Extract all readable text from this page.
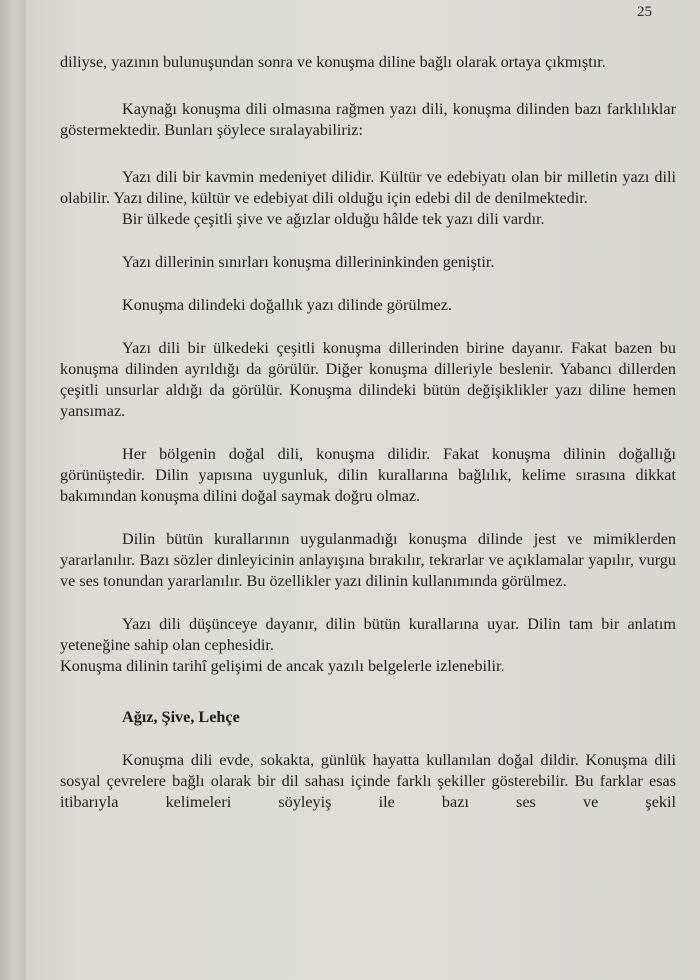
25

diliyse, yazının bulunuşundan sonra ve konuşma diline bağlı olarak ortaya çıkmıştır.

Kaynağı konuşma dili olmasına rağmen yazı dili, konuşma dilinden bazı farklılıklar göstermektedir. Bunları şöylece sıralayabiliriz:

Yazı dili bir kavmin medeniyet dilidir. Kültür ve edebiyatı olan bir milletin yazı dili olabilir. Yazı diline, kültür ve edebiyat dili olduğu için edebi dil de denilmektedir.

Bir ülkede çeşitli şive ve ağızlar olduğu hâlde tek yazı dili vardır.

Yazı dillerinin sınırları konuşma dillerininkinden geniştir.

Konuşma dilindeki doğallık yazı dilinde görülmez.

Yazı dili bir ülkedeki çeşitli konuşma dillerinden birine dayanır. Fakat bazen bu konuşma dilinden ayrıldığı da görülür. Diğer konuşma dilleriyle beslenir. Yabancı dillerden çeşitli unsurlar aldığı da görülür. Konuşma dilindeki bütün değişiklikler yazı diline hemen yansımaz.

Her bölgenin doğal dili, konuşma dilidir. Fakat konuşma dilinin doğallığı görünüştedir. Dilin yapısına uygunluk, dilin kurallarına bağlılık, kelime sırasına dikkat bakımından konuşma dilini doğal saymak doğru olmaz.

Dilin bütün kurallarının uygulanmadığı konuşma dilinde jest ve mimiklerden yararlanılır. Bazı sözler dinleyicinin anlayışına bırakılır, tekrarlar ve açıklamalar yapılır, vurgu ve ses tonundan yararlanılır. Bu özellikler yazı dilinin kullanımında görülmez.

Yazı dili düşünceye dayanır, dilin bütün kurallarına uyar. Dilin tam bir anlatım yeteneğine sahip olan cephesidir.

Konuşma dilinin tarihî gelişimi de ancak yazılı belgelerle izlenebilir.

Ağız, Şive, Lehçe

Konuşma dili evde, sokakta, günlük hayatta kullanılan doğal dildir. Konuşma dili sosyal çevrelere bağlı olarak bir dil sahası içinde farklı şekiller gösterebilir. Bu farklar esas itibarıyla kelimeleri söyleyiş ile bazı ses ve şekil
